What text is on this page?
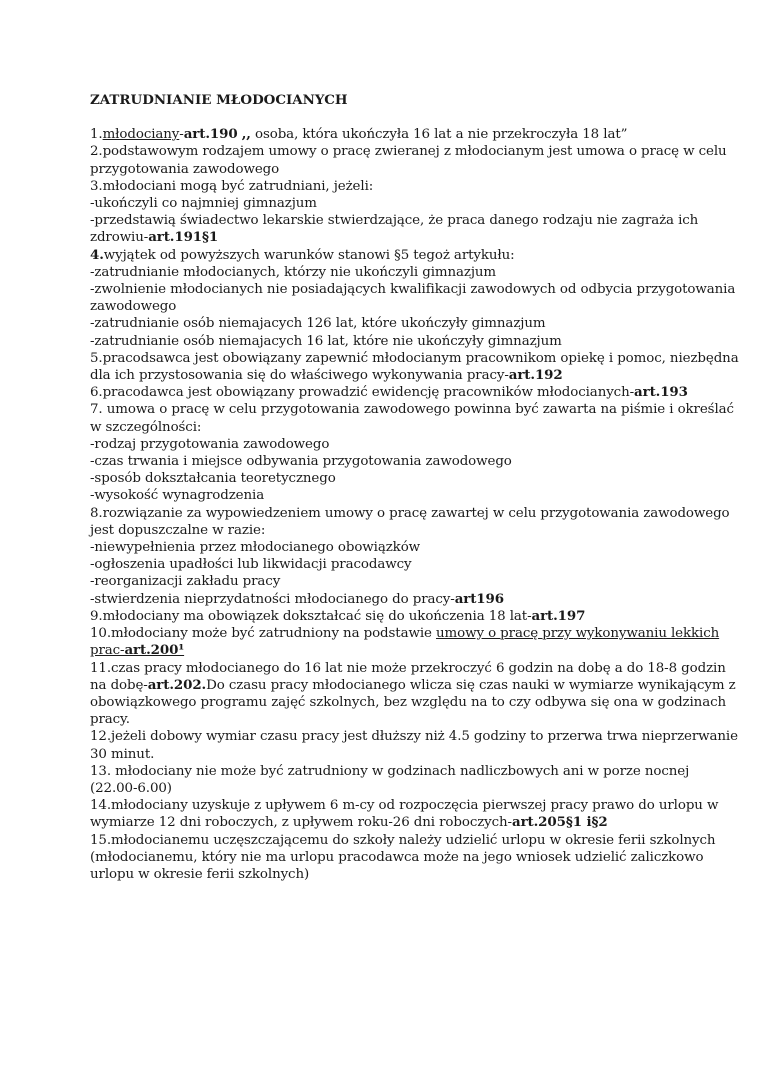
ZATRUDNIANIE MŁODOCIANYCH
1.młodociany-art.190 ,, osoba, która ukończyła 16 lat a nie przekroczyła 18 lat”
2.podstawowym rodzajem umowy o pracę zwieranej z młodocianym jest umowa o pracę w celu
przygotowania zawodowego
3.młodociani mogą być zatrudniani, jeżeli:
-ukończyli co najmniej gimnazjum
-przedstawią świadectwo lekarskie stwierdzające, że praca danego rodzaju nie zagraża ich
zdrowiu-art.191§1
4.wyjątek od powyższych warunków stanowi §5 tegoż artykułu:
-zatrudnianie młodocianych, którzy nie ukończyli gimnazjum
-zwolnienie młodocianych nie posiadających kwalifikacji zawodowych od odbycia przygotowania
zawodowego
-zatrudnianie osób niemajacych 126 lat, które ukończyły gimnazjum
-zatrudnianie osób niemajacych 16 lat, które nie ukończyły gimnazjum
5.pracodsawca jest obowiązany zapewnić młodocianym pracownikom opiekę i pomoc, niezbędna
dla ich przystosowania się do właściwego wykonywania pracy-art.192
6.pracodawca jest obowiązany prowadzić ewidencję pracowników młodocianych-art.193
7. umowa o pracę w celu przygotowania zawodowego powinna być zawarta na piśmie i określać
w szczególności:
-rodzaj przygotowania zawodowego
-czas trwania i miejsce odbywania przygotowania zawodowego
-sposób dokształcania teoretycznego
-wysokość wynagrodzenia
8.rozwiązanie za wypowiedzeniem umowy o pracę zawartej w celu przygotowania zawodowego
jest dopuszczalne w razie:
-niewypełnienia przez młodocianego obowiązków
-ogłoszenia upadłości lub likwidacji pracodawcy
-reorganizacji zakładu pracy
-stwierdzenia nieprzydatności młodocianego do pracy-art196
9.młodociany ma obowiązek dokształcać się do ukończenia 18 lat-art.197
10.młodociany może być zatrudniony na podstawie umowy o pracę przy wykonywaniu lekkich
prac-art.200¹
11.czas pracy młodocianego do 16 lat nie może przekroczyć 6 godzin na dobę a do 18-8 godzin
na dobę-art.202.Do czasu pracy młodocianego wlicza się czas nauki w wymiarze wynikającym z
obowiązkowego programu zajęć szkolnych, bez względu na to czy odbywa się ona w godzinach
pracy.
12.jeżeli dobowy wymiar czasu pracy jest dłuższy niż 4.5 godziny to przerwa trwa nieprzerwanie
30 minut.
13. młodociany nie może być zatrudniony w godzinach nadliczbowych ani w porze nocnej
(22.00-6.00)
14.młodociany uzyskuje z upływem 6 m-cy od rozpoczęcia pierwszej pracy prawo do urlopu w
wymiarze 12 dni roboczych, z upływem roku-26 dni roboczych-art.205§1 i§2
15.młodocianemu uczęszczającemu do szkoły należy udzielić urlopu w okresie ferii szkolnych
(młodocianemu, który nie ma urlopu pracodawca może na jego wniosek udzielić zaliczkowo
urlopu w okresie ferii szkolnych)
